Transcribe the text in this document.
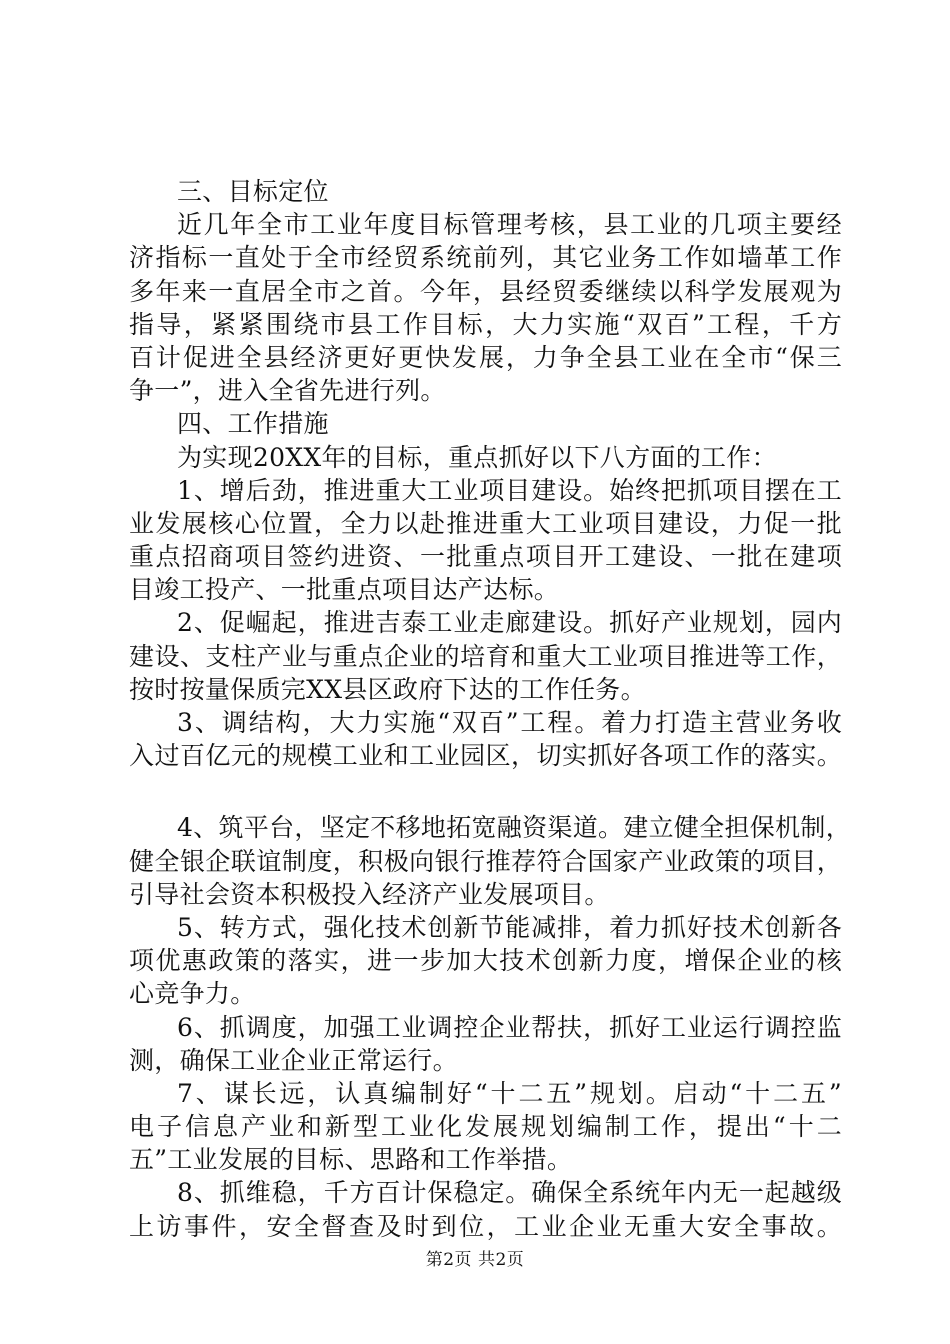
三、目标定位
近几年全市工业年度目标管理考核，县工业的几项主要经
济指标一直处于全市经贸系统前列，其它业务工作如墙革工作
多年来一直居全市之首。今年，县经贸委继续以科学发展观为
指导，紧紧围绕市县工作目标，大力实施“双百”工程，千方
百计促进全县经济更好更快发展，力争全县工业在全市“保三
争一”，进入全省先进行列。
四、工作措施
为实现20XX年的目标，重点抓好以下八方面的工作：
1、增后劲，推进重大工业项目建设。始终把抓项目摆在工
业发展核心位置，全力以赴推进重大工业项目建设，力促一批
重点招商项目签约进资、一批重点项目开工建设、一批在建项
目竣工投产、一批重点项目达产达标。
2、促崛起，推进吉泰工业走廊建设。抓好产业规划，园内
建设、支柱产业与重点企业的培育和重大工业项目推进等工作，
按时按量保质完XX县区政府下达的工作任务。
3、调结构，大力实施“双百”工程。着力打造主营业务收
入过百亿元的规模工业和工业园区，切实抓好各项工作的落实。
4、筑平台，坚定不移地拓宽融资渠道。建立健全担保机制，
健全银企联谊制度，积极向银行推荐符合国家产业政策的项目，
引导社会资本积极投入经济产业发展项目。
5、转方式，强化技术创新节能减排，着力抓好技术创新各
项优惠政策的落实，进一步加大技术创新力度，增保企业的核
心竞争力。
6、抓调度，加强工业调控企业帮扶，抓好工业运行调控监
测，确保工业企业正常运行。
7、谋长远，认真编制好“十二五”规划。启动“十二五”
电子信息产业和新型工业化发展规划编制工作，提出“十二
五”工业发展的目标、思路和工作举措。
8、抓维稳，千方百计保稳定。确保全系统年内无一起越级
上访事件，安全督查及时到位，工业企业无重大安全事故。
第2页 共2页
